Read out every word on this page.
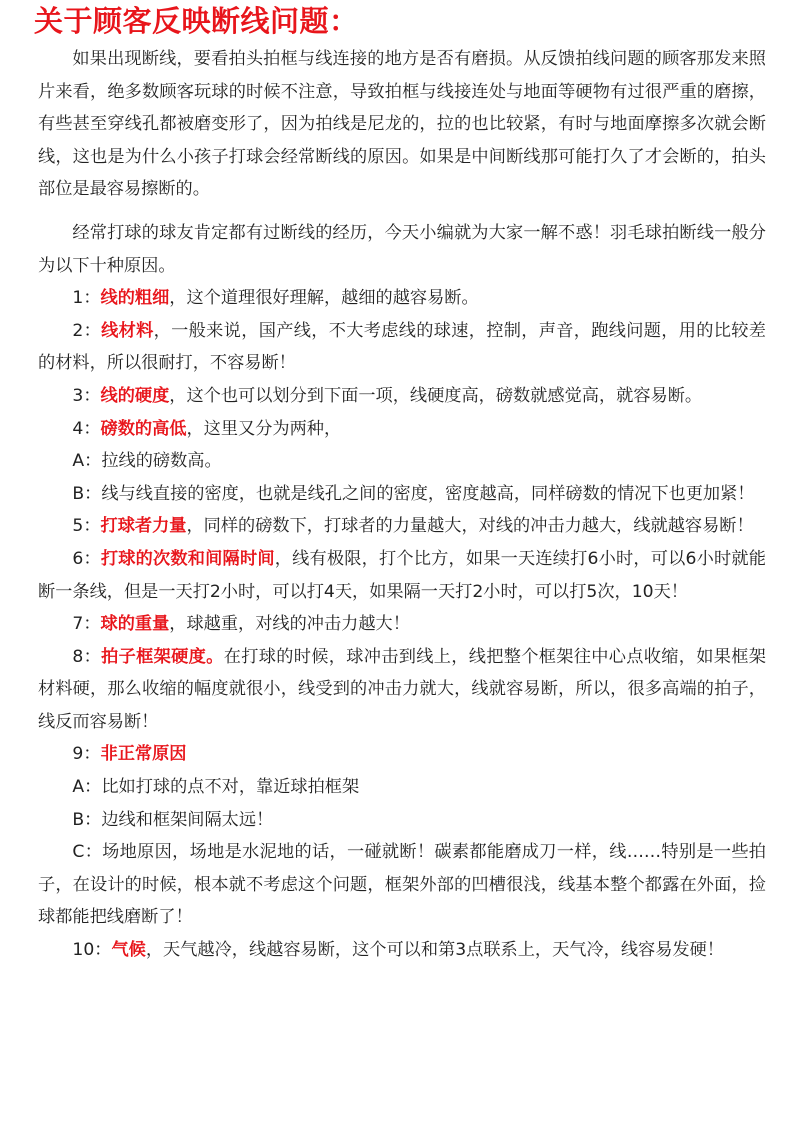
关于顾客反映断线问题：

如果出现断线，要看拍头拍框与线连接的地方是否有磨损。从反馈拍线问题的顾客那发来照片来看，绝多数顾客玩球的时候不注意，导致拍框与线接连处与地面等硬物有过很严重的磨擦，有些甚至穿线孔都被磨变形了，因为拍线是尼龙的，拉的也比较紧，有时与地面摩擦多次就会断线，这也是为什么小孩子打球会经常断线的原因。如果是中间断线那可能打久了才会断的，拍头部位是最容易擦断的。

经常打球的球友肯定都有过断线的经历，今天小编就为大家一解不惑！羽毛球拍断线一般分为以下十种原因。

1：线的粗细，这个道理很好理解，越细的越容易断。

2：线材料，一般来说，国产线，不大考虑线的球速，控制，声音，跑线问题，用的比较差的材料，所以很耐打，不容易断！

3：线的硬度，这个也可以划分到下面一项，线硬度高，磅数就感觉高，就容易断。

4：磅数的高低，这里又分为两种，

A：拉线的磅数高。

B：线与线直接的密度，也就是线孔之间的密度，密度越高，同样磅数的情况下也更加紧！

5：打球者力量，同样的磅数下，打球者的力量越大，对线的冲击力越大，线就越容易断！

6：打球的次数和间隔时间，线有极限，打个比方，如果一天连续打6小时，可以6小时就能断一条线，但是一天打2小时，可以打4天，如果隔一天打2小时，可以打5次，10天！

7：球的重量，球越重，对线的冲击力越大！

8：拍子框架硬度。在打球的时候，球冲击到线上，线把整个框架往中心点收缩，如果框架材料硬，那么收缩的幅度就很小，线受到的冲击力就大，线就容易断，所以，很多高端的拍子，线反而容易断！

9：非正常原因

A：比如打球的点不对，靠近球拍框架

B：边线和框架间隔太远！

C：场地原因，场地是水泥地的话，一碰就断！碳素都能磨成刀一样，线……特别是一些拍子，在设计的时候，根本就不考虑这个问题，框架外部的凹槽很浅，线基本整个都露在外面，捡球都能把线磨断了！

10：气候，天气越冷，线越容易断，这个可以和第3点联系上，天气冷，线容易发硬！
